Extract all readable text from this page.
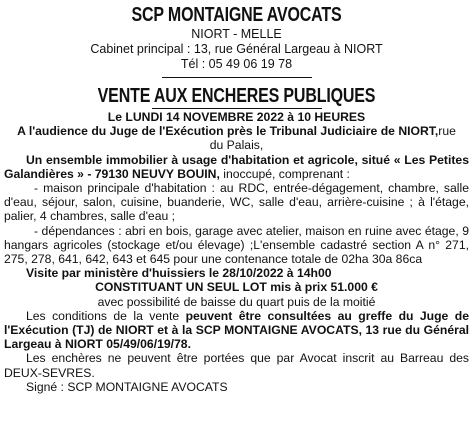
SCP MONTAIGNE AVOCATS
NIORT - MELLE
Cabinet principal : 13, rue Général Largeau à NIORT
Tél : 05 49 06 19 78
VENTE AUX ENCHERES PUBLIQUES

Le LUNDI 14 NOVEMBRE 2022 à 10 HEURES

A l'audience du Juge de l'Exécution près le Tribunal Judiciaire de NIORT,rue

du Palais,

Un ensemble immobilier à usage d'habitation et agricole, situé « Les Petites Galandières » - 79130 NEUVY BOUIN, inoccupé, comprenant :

- maison principale d'habitation : au RDC, entrée-dégagement, chambre, salle d'eau, séjour, salon, cuisine, buanderie, WC, salle d'eau, arrière-cuisine ; à l'étage, palier, 4 chambres, salle d'eau ;

- dépendances : abri en bois, garage avec atelier, maison en ruine avec étage, 9 hangars agricoles (stockage et/ou élevage) ;L'ensemble cadastré section A n° 271, 275, 278, 641, 642, 643 et 645 pour une contenance totale de 02ha 30a 86ca

Visite par ministère d'huissiers le 28/10/2022 à 14h00

CONSTITUANT UN SEUL LOT mis à prix 51.000 €

avec possibilité de baisse du quart puis de la moitié

Les conditions de la vente peuvent être consultées au greffe du Juge de l'Exécution (TJ) de NIORT et à la SCP MONTAIGNE AVOCATS, 13 rue du Général Largeau à NIORT 05/49/06/19/78.

Les enchères ne peuvent être portées que par Avocat inscrit au Barreau des DEUX-SEVRES.

Signé : SCP MONTAIGNE AVOCATS
